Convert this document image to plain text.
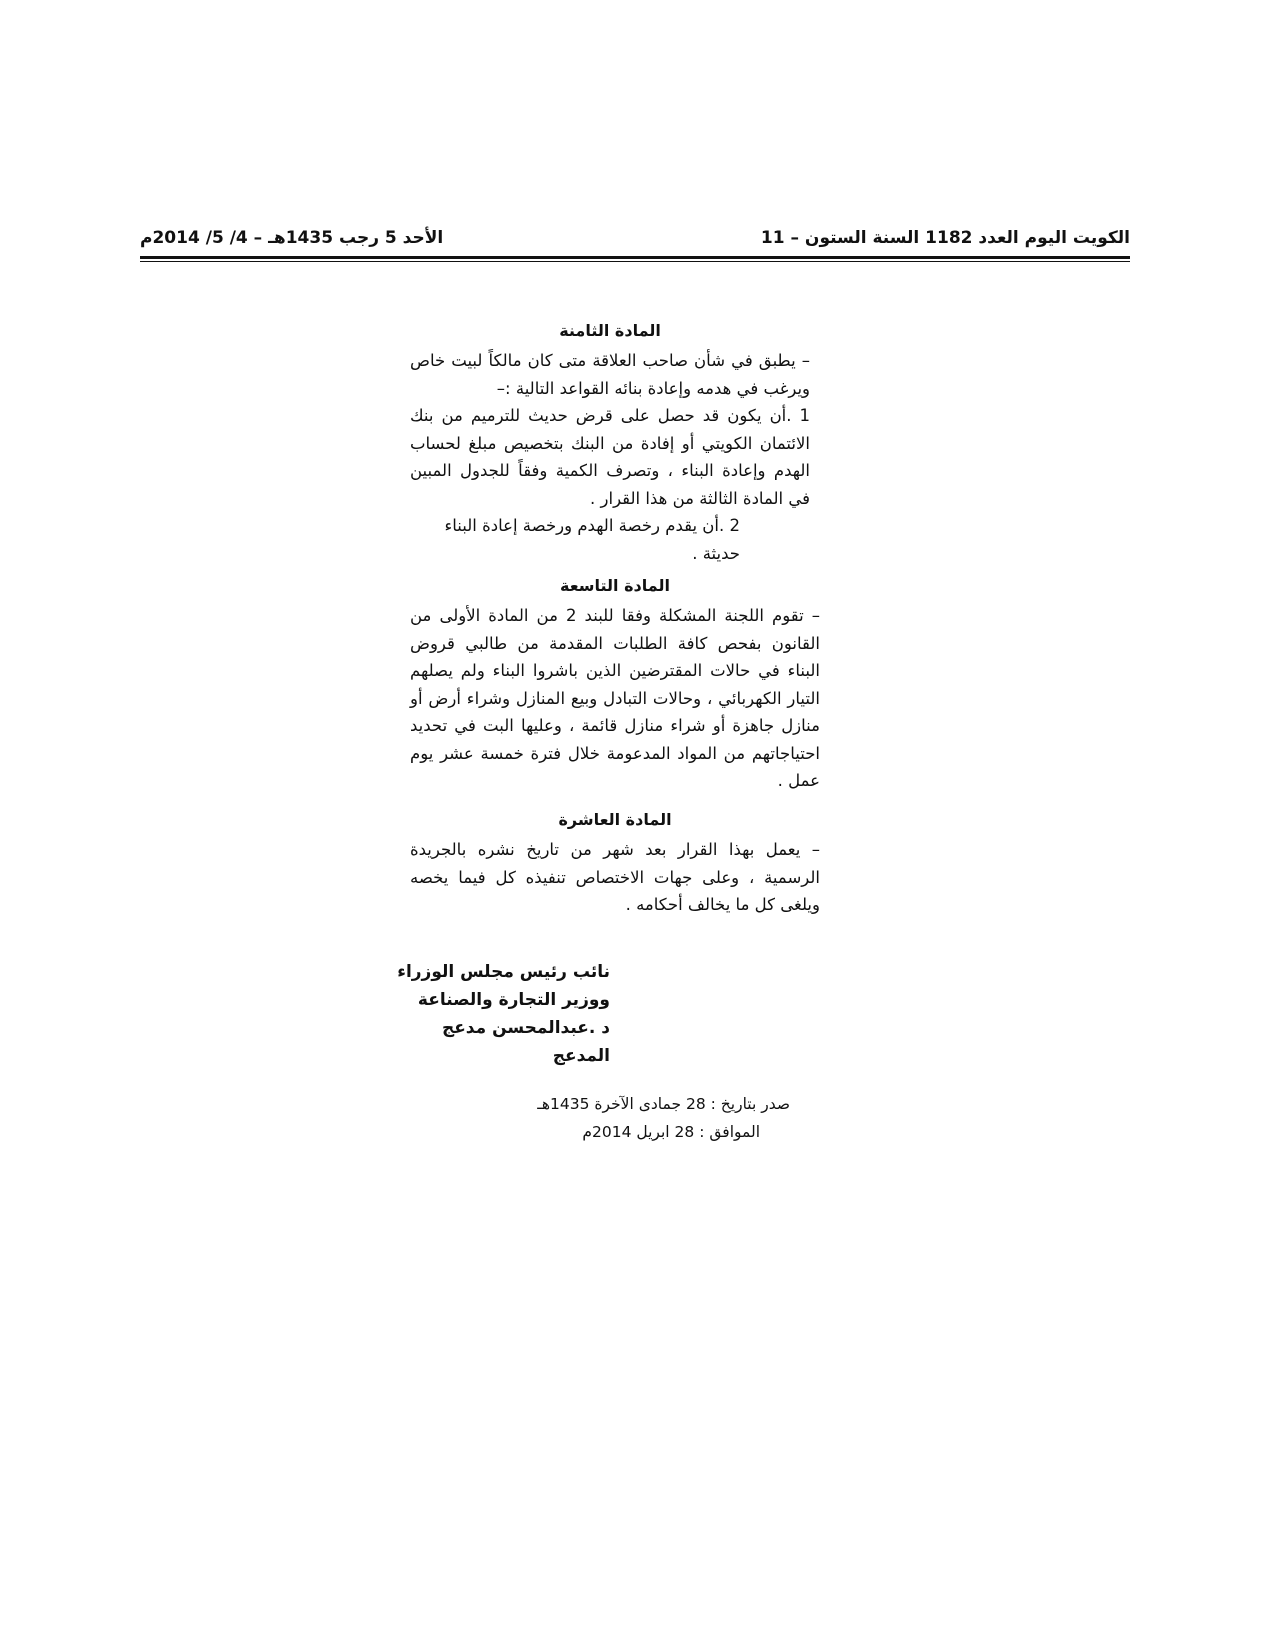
الكويت اليوم العدد 1182 السنة الستون – 11
الأحد 5 رجب 1435هـ – 4/ 5/ 2014م

المادة الثامنة

– يطبق في شأن صاحب العلاقة متى كان مالكاً لبيت خاص ويرغب في هدمه وإعادة بنائه القواعد التالية :–

1 .أن يكون قد حصل على قرض حديث للترميم من بنك الائتمان الكويتي أو إفادة من البنك بتخصيص مبلغ لحساب الهدم وإعادة البناء ، وتصرف الكمية وفقاً للجدول المبين في المادة الثالثة من هذا القرار .

2 .أن يقدم رخصة الهدم ورخصة إعادة البناء حديثة .

المادة التاسعة

– تقوم اللجنة المشكلة وفقا للبند 2 من المادة الأولى من القانون بفحص كافة الطلبات المقدمة من طالبي قروض البناء في حالات المقترضين الذين باشروا البناء ولم يصلهم التيار الكهربائي ، وحالات التبادل وبيع المنازل وشراء أرض أو منازل جاهزة أو شراء منازل قائمة ، وعليها البت في تحديد احتياجاتهم من المواد المدعومة خلال فترة خمسة عشر يوم عمل .

المادة العاشرة

– يعمل بهذا القرار بعد شهر من تاريخ نشره بالجريدة الرسمية ، وعلى جهات الاختصاص تنفيذه كل فيما يخصه ويلغى كل ما يخالف أحكامه .

نائب رئيس مجلس الوزراء

ووزير التجارة والصناعة

د .عبدالمحسن مدعج المدعج

صدر بتاريخ : 28 جمادى الآخرة 1435هـ

الموافق : 28 ابريل 2014م
